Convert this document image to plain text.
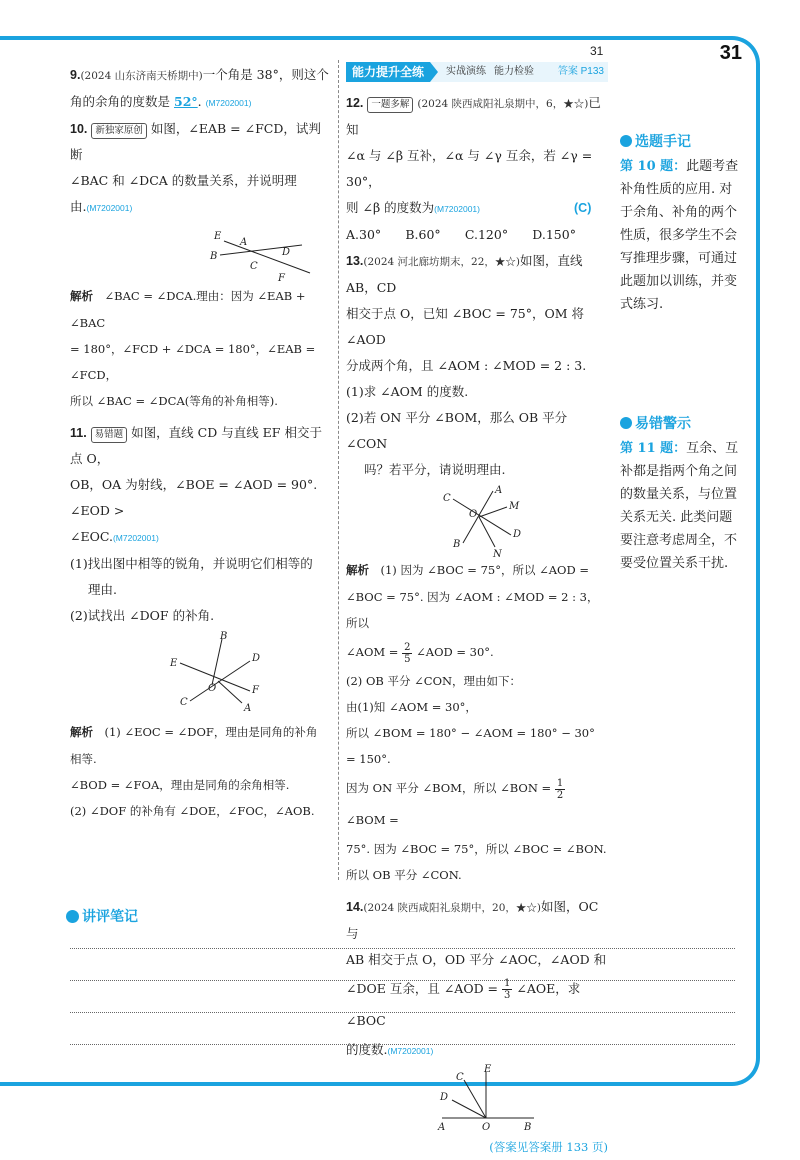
31	31

9.(2024 山东济南天桥期中)一个角是 38°，则这个

角的余角的度数是 52°. (M7202001)

10. 新独家原创 如图，∠EAB = ∠FCD，试判断

∠BAC 和 ∠DCA 的数量关系，并说明理

由.(M7202001)

E
A
B
C
D
F

解析　 ∠BAC = ∠DCA.理由：因为 ∠EAB + ∠BAC

= 180°，∠FCD + ∠DCA = 180°，∠EAB = ∠FCD，

所以 ∠BAC = ∠DCA(等角的补角相等).

11. 易错题 如图，直线 CD 与直线 EF 相交于点 O，

OB，OA 为射线，∠BOE = ∠AOD = 90°. ∠EOD >

∠EOC.(M7202001)

(1)找出图中相等的锐角，并说明它们相等的

理由.

(2)试找出 ∠DOF 的补角.

B
D
E
O	F
C
A

解析　 (1) ∠EOC = ∠DOF，理由是同角的补角

相等.

∠BOD = ∠FOA，理由是同角的余角相等.

(2) ∠DOF 的补角有 ∠DOE，∠FOC，∠AOB.

能力提升全练	实战演练 能力检验 答案 P133

12. 一题多解 (2024 陕西咸阳礼泉期中，6，★☆)已知

∠α 与 ∠β 互补，∠α 与 ∠γ 互余，若 ∠γ = 30°，

则 ∠β 的度数为(M7202001)	(C)

A.30° B.60° C.120° D.150°

13.(2024 河北廊坊期末，22，★☆)如图，直线 AB，CD

相交于点 O，已知 ∠BOC = 75°，OM 将 ∠AOD

分成两个角，且 ∠AOM : ∠MOD = 2 : 3.

(1)求 ∠AOM 的度数.

(2)若 ON 平分 ∠BOM，那么 OB 平分 ∠CON

吗？若平分，请说明理由.

A
C
O
M
D
B
N

解析　 (1) 因为 ∠BOC = 75°，所以 ∠AOD =

∠BOC = 75°. 因为 ∠AOM : ∠MOD = 2 : 3，所以

∠AOM = $\frac{2}{5}$ ∠AOD = 30°.

(2) OB 平分 ∠CON，理由如下：

由(1)知 ∠AOM = 30°，

所以 ∠BOM = 180° − ∠AOM = 180° − 30° = 150°.

因为 ON 平分 ∠BOM，所以 ∠BON = $\frac{1}{2}$
∠BOM =

75°. 因为 ∠BOC = 75°，所以 ∠BOC = ∠BON.

所以 OB 平分 ∠CON.

14.(2024 陕西咸阳礼泉期中，20，★☆)如图，OC 与

AB 相交于点 O，OD 平分 ∠AOC，∠AOD 和

∠DOE 互余，且 ∠AOD = $\frac{1}{3}$ ∠AOE，求 ∠BOC

的度数.(M7202001)

E
C
D
A	O	B
(答案见答案册 133 页)
选题手记
第 10 题：此题考查补角性质的应用. 对于余角、补角的两个性质，很多学生不会写推理步骤，可通过此题加以训练，并变式练习.
易错警示
第 11 题：互余、互补都是指两个角之间的数量关系，与位置关系无关. 此类问题要注意考虑周全，不要受位置关系干扰.
讲评笔记
